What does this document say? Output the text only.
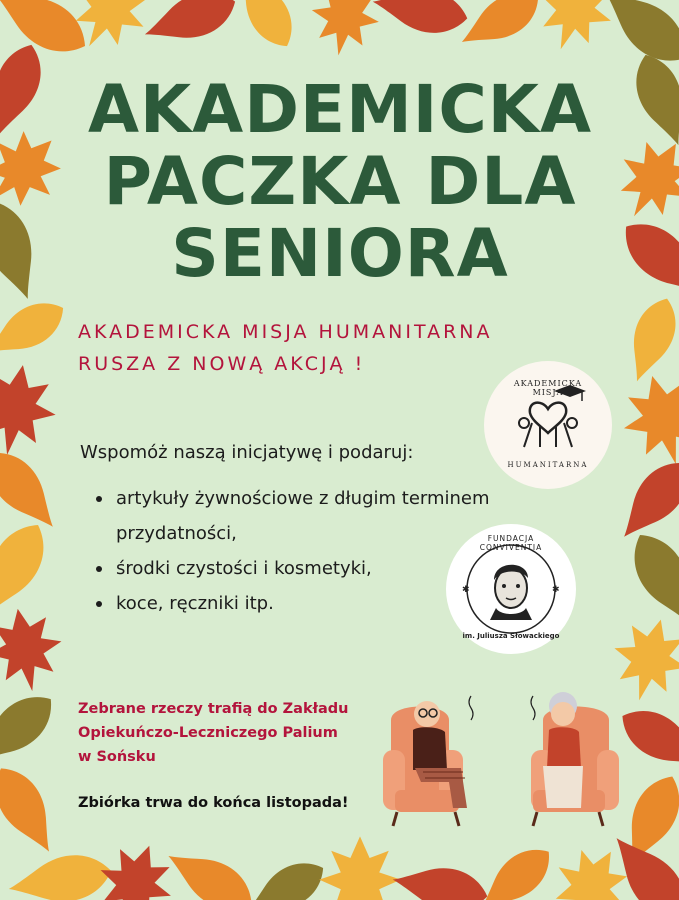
AKADEMICKA
PACZKA DLA
SENIORA
AKADEMICKA MISJA HUMANITARNA
RUSZA Z NOWĄ AKCJĄ !
AKADEMICKA MISJA
HUMANITARNA
✱	✱
FUNDACJA CONVIVENTIA
im. Juliusza Słowackiego
Wspomóż naszą inicjatywę i podaruj:
artykuły żywnościowe z długim terminem przydatności,
środki czystości i kosmetyki,
koce, ręczniki itp.
Zebrane rzeczy trafią do Zakładu
Opiekuńczo-Leczniczego Palium
w Sońsku
Zbiórka trwa do końca listopada!
